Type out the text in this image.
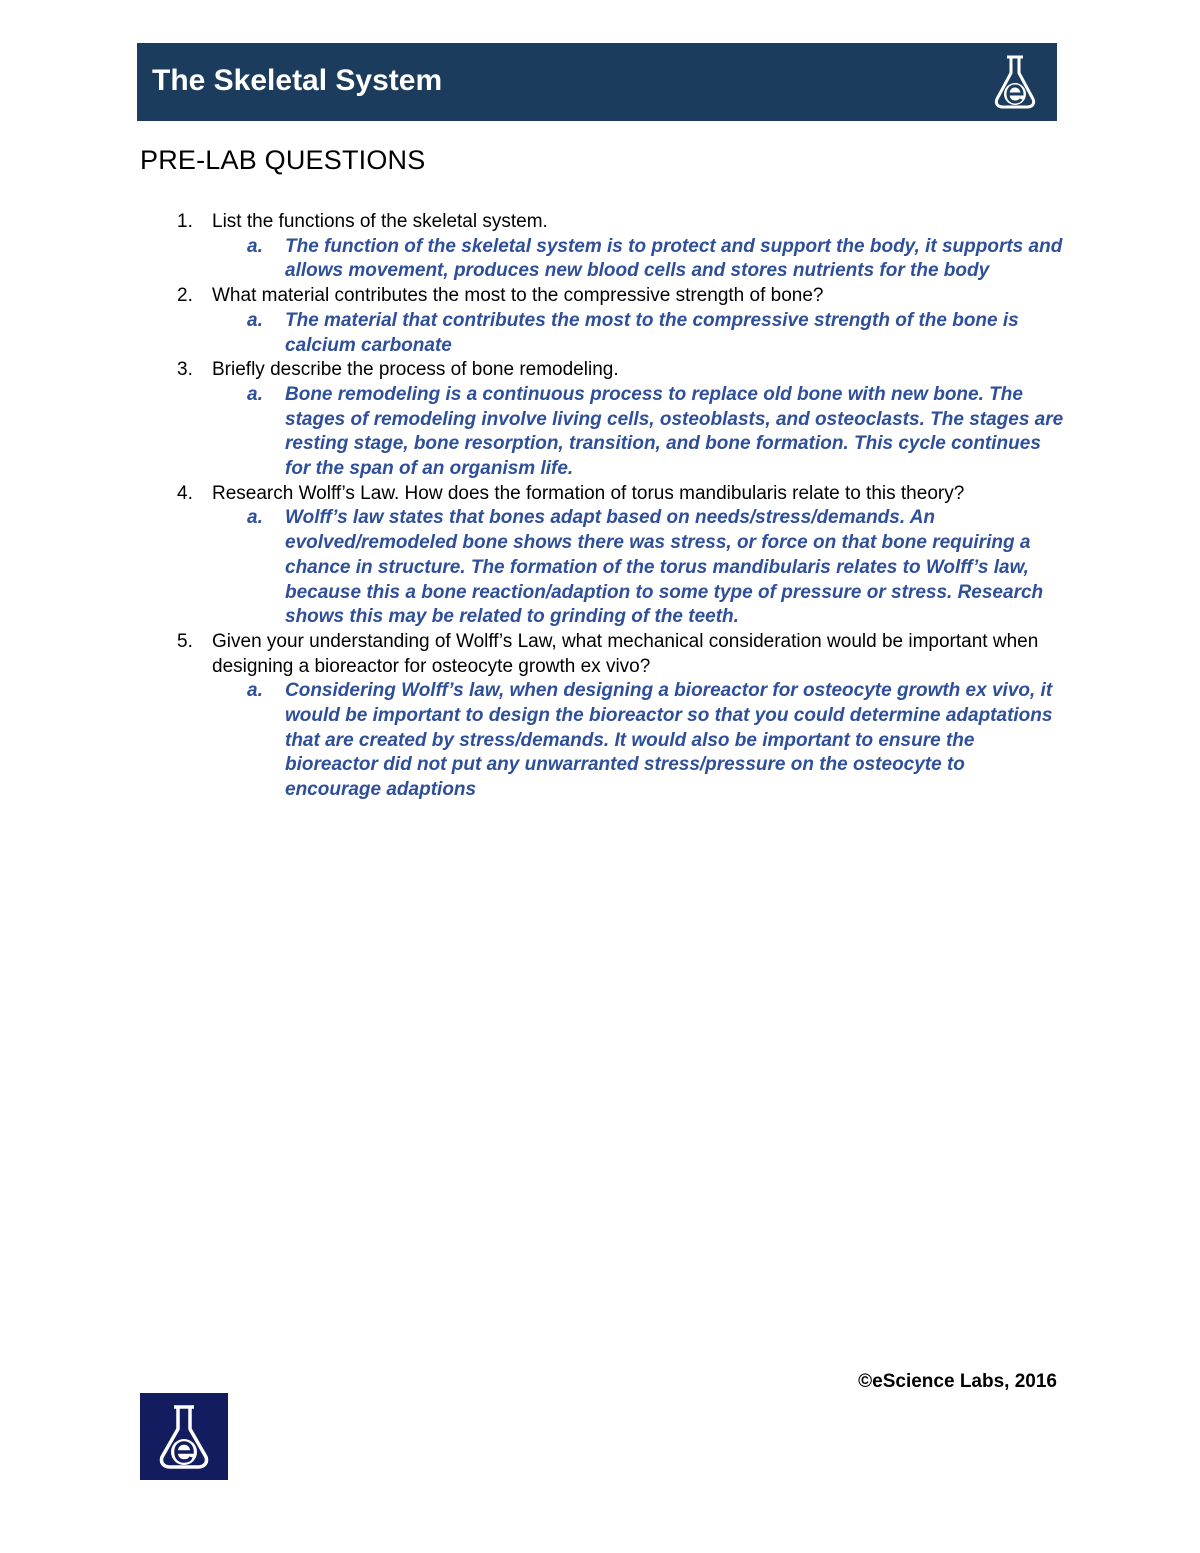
The Skeletal System
PRE-LAB QUESTIONS
1.	List the functions of the skeletal system.
a.	The function of the skeletal system is to protect and support the body, it supports and allows movement, produces new blood cells and stores nutrients for the body
2.	What material contributes the most to the compressive strength of bone?
a.	The material that contributes the most to the compressive strength of the bone is calcium carbonate
3.	Briefly describe the process of bone remodeling.
a.	Bone remodeling is a continuous process to replace old bone with new bone. The stages of remodeling involve living cells, osteoblasts, and osteoclasts. The stages are resting stage, bone resorption, transition, and bone formation. This cycle continues for the span of an organism life.
4.	Research Wolff’s Law. How does the formation of torus mandibularis relate to this theory?
a.	Wolff’s law states that bones adapt based on needs/stress/demands. An evolved/remodeled bone shows there was stress, or force on that bone requiring a chance in structure. The formation of the torus mandibularis relates to Wolff’s law, because this a bone reaction/adaption to some type of pressure or stress. Research shows this may be related to grinding of the teeth.
5.	Given your understanding of Wolff’s Law, what mechanical consideration would be important when designing a bioreactor for osteocyte growth ex vivo?
a.	Considering Wolff’s law, when designing a bioreactor for osteocyte growth ex vivo, it would be important to design the bioreactor so that you could determine adaptations that are created by stress/demands. It would also be important to ensure the bioreactor did not put any unwarranted stress/pressure on the osteocyte to encourage adaptions
©eScience Labs, 2016
